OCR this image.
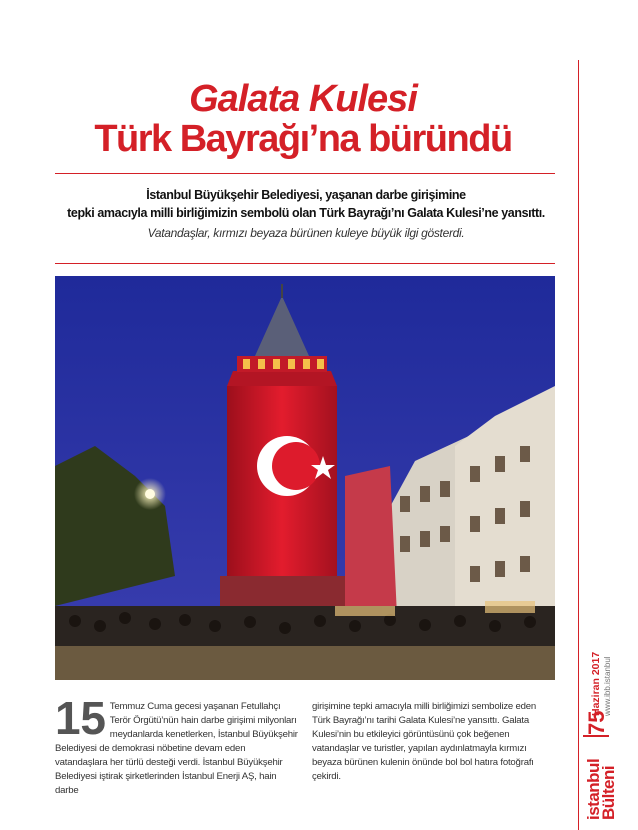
Galata Kulesi
Türk Bayrağı’na büründü
İstanbul Büyükşehir Belediyesi, yaşanan darbe girişimine
tepki amacıyla milli birliğimizin sembolü olan Türk Bayrağı’nı Galata Kulesi’ne yansıttı.
Vatandaşlar, kırmızı beyaza bürünen kuleye büyük ilgi gösterdi.
15 Temmuz Cuma gecesi yaşanan Fetullahçı Terör Örgütü’nün hain darbe girişimi milyonları meydanlarda kenetlerken, İstanbul Büyükşehir Belediyesi de demokrasi nöbetine devam eden vatandaşlara her türlü desteği verdi. İstanbul Büyükşehir Belediyesi iştirak şirketlerinden İstanbul Enerji AŞ, hain darbe
girişimine tepki amacıyla milli birliğimizi sembolize eden Türk Bayrağı’nı tarihi Galata Kulesi’ne yansıttı. Galata Kulesi’nin bu etkileyici görüntüsünü çok beğenen vatandaşlar ve turistler, yapılan aydınlatmayla kırmızı beyaza bürünen kulenin önünde bol bol hatıra fotoğrafı çekirdi.	istanbul
Bülteni
75
Haziran 2017 www.ibb.istanbul
